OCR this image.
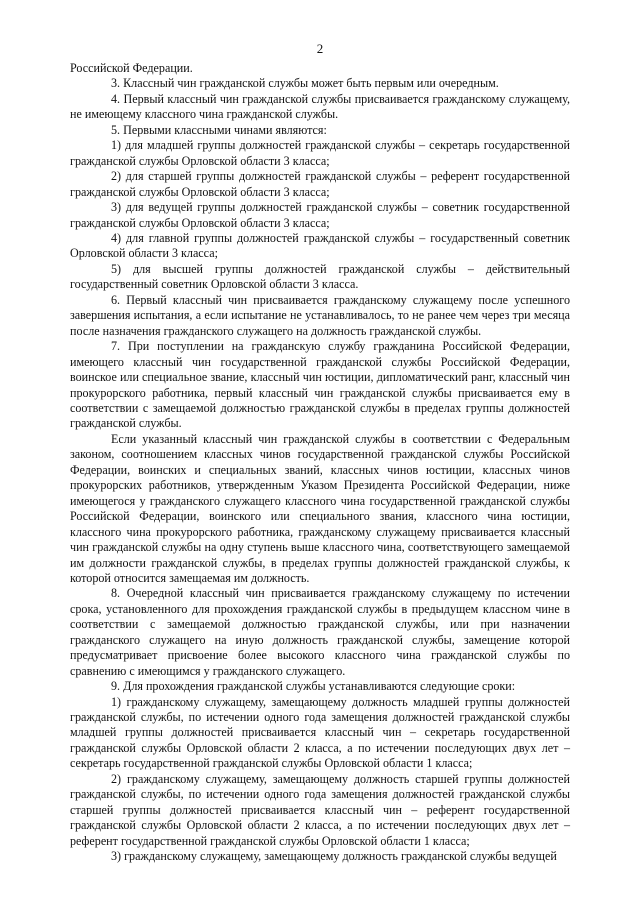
2

Российской Федерации.

3. Классный чин гражданской службы может быть первым или очередным.

4. Первый классный чин гражданской службы присваивается гражданскому служащему, не имеющему классного чина гражданской службы.

5. Первыми классными чинами являются:

1) для младшей группы должностей гражданской службы – секретарь государственной гражданской службы Орловской области 3 класса;

2) для старшей группы должностей гражданской службы – референт государственной гражданской службы Орловской области 3 класса;

3) для ведущей группы должностей гражданской службы – советник государственной гражданской службы Орловской области 3 класса;

4) для главной группы должностей гражданской службы – государственный советник Орловской области 3 класса;

5) для высшей группы должностей гражданской службы – действительный государственный советник Орловской области 3 класса.

6. Первый классный чин присваивается гражданскому служащему после успешного завершения испытания, а если испытание не устанавливалось, то не ранее чем через три месяца после назначения гражданского служащего на должность гражданской службы.

7. При поступлении на гражданскую службу гражданина Российской Федерации, имеющего классный чин государственной гражданской службы Российской Федерации, воинское или специальное звание, классный чин юстиции, дипломатический ранг, классный чин прокурорского работника, первый классный чин гражданской службы присваивается ему в соответствии с замещаемой должностью гражданской службы в пределах группы должностей гражданской службы.

Если указанный классный чин гражданской службы в соответствии с Федеральным законом, соотношением классных чинов государственной гражданской службы Российской Федерации, воинских и специальных званий, классных чинов юстиции, классных чинов прокурорских работников, утвержденным Указом Президента Российской Федерации, ниже имеющегося у гражданского служащего классного чина государственной гражданской службы Российской Федерации, воинского или специального звания, классного чина юстиции, классного чина прокурорского работника, гражданскому служащему присваивается классный чин гражданской службы на одну ступень выше классного чина, соответствующего замещаемой им должности гражданской службы, в пределах группы должностей гражданской службы, к которой относится замещаемая им должность.

8. Очередной классный чин присваивается гражданскому служащему по истечении срока, установленного для прохождения гражданской службы в предыдущем классном чине в соответствии с замещаемой должностью гражданской службы, или при назначении гражданского служащего на иную должность гражданской службы, замещение которой предусматривает присвоение более высокого классного чина гражданской службы по сравнению с имеющимся у гражданского служащего.

9. Для прохождения гражданской службы устанавливаются следующие сроки:

1) гражданскому служащему, замещающему должность младшей группы должностей гражданской службы, по истечении одного года замещения должностей гражданской службы младшей группы должностей присваивается классный чин – секретарь государственной гражданской службы Орловской области 2 класса, а по истечении последующих двух лет – секретарь государственной гражданской службы Орловской области 1 класса;

2) гражданскому служащему, замещающему должность старшей группы должностей гражданской службы, по истечении одного года замещения должностей гражданской службы старшей группы должностей присваивается классный чин – референт государственной гражданской службы Орловской области 2 класса, а по истечении последующих двух лет – референт государственной гражданской службы Орловской области 1 класса;

3) гражданскому служащему, замещающему должность гражданской службы ведущей
